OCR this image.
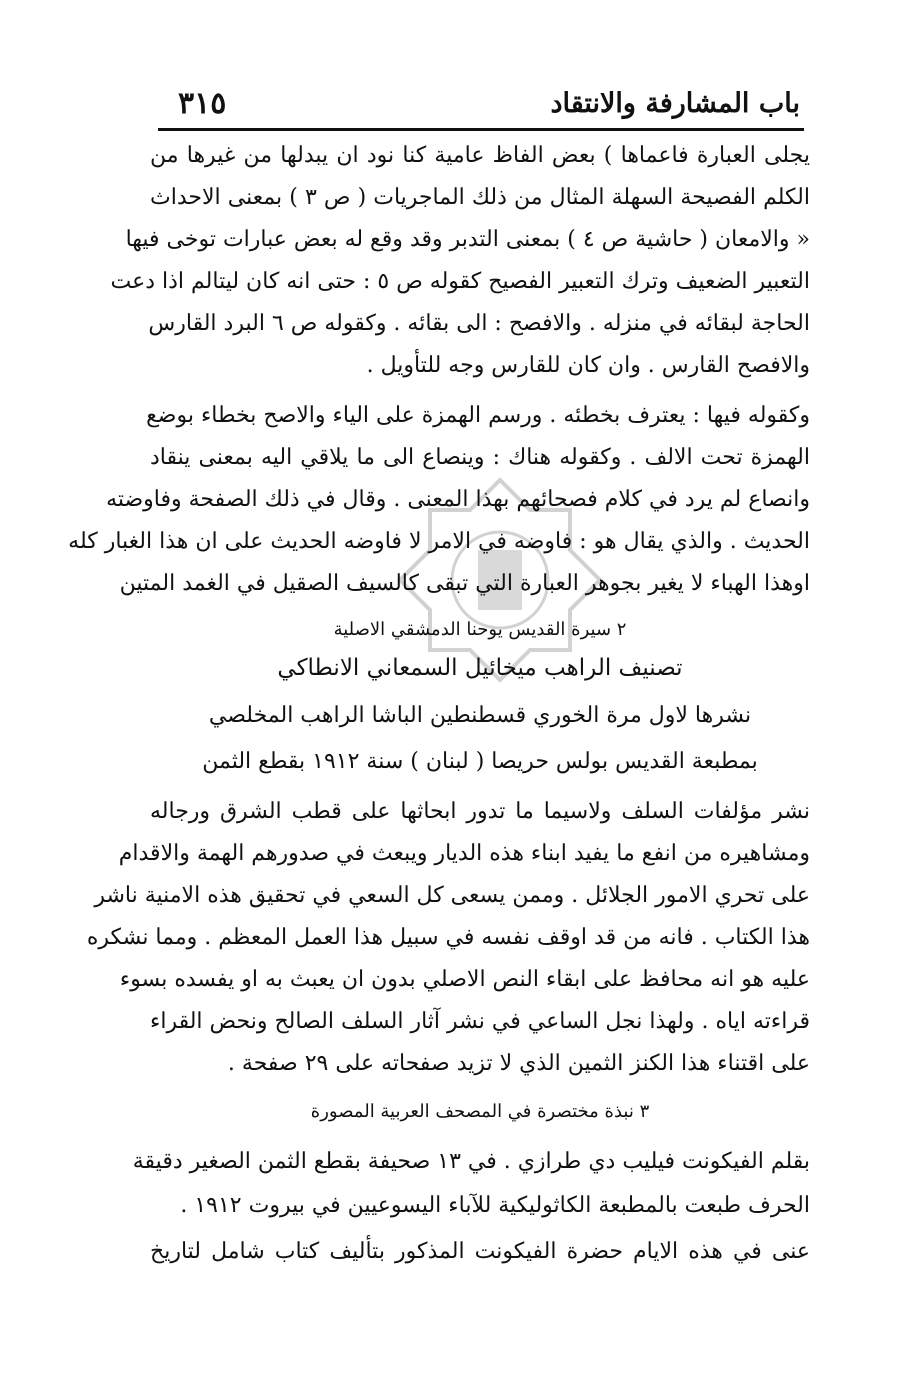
٣١٥	باب المشارفة والانتقاد
يجلى العبارة فاعماها ) بعض الفاظ عامية كنا نود ان يبدلها من غيرها من
الكلم الفصيحة السهلة المثال من ذلك الماجريات ( ص ٣ ) بمعنى الاحداث
« والامعان ( حاشية ص ٤ ) بمعنى التدبر وقد وقع له بعض عبارات توخى فيها
التعبير الضعيف وترك التعبير الفصيح كقوله ص ٥ : حتى انه كان ليتالم اذا دعت
الحاجة لبقائه في منزله . والافصح : الى بقائه . وكقوله ص ٦ البرد القارس
والافصح القارس . وان كان للقارس وجه للتأويل .
وكقوله فيها : يعترف بخطئه . ورسم الهمزة على الياء والاصح بخطاء بوضع
الهمزة تحت الالف . وكقوله هناك : وينصاع الى ما يلاقي اليه بمعنى ينقاد
وانصاع لم يرد في كلام فصحائهم بهذا المعنى . وقال في ذلك الصفحة وفاوضته
الحديث . والذي يقال هو : فاوضه في الامر لا فاوضه الحديث على ان هذا الغبار كله
اوهذا الهباء لا يغير بجوهر العبارة التي تبقى كالسيف الصقيل في الغمد المتين
٢ سيرة القديس يوحنا الدمشقي الاصلية
تصنيف الراهب ميخائيل السمعاني الانطاكي
نشرها لاول مرة الخوري قسطنطين الباشا الراهب المخلصي
بمطبعة القديس بولس حريصا ( لبنان ) سنة ١٩١٢ بقطع الثمن
نشر مؤلفات السلف ولاسيما ما تدور ابحاثها على قطب الشرق ورجاله
ومشاهيره من انفع ما يفيد ابناء هذه الديار ويبعث في صدورهم الهمة والاقدام
على تحري الامور الجلائل . وممن يسعى كل السعي في تحقيق هذه الامنية ناشر
هذا الكتاب . فانه من قد اوقف نفسه في سبيل هذا العمل المعظم . ومما نشكره
عليه هو انه محافظ على ابقاء النص الاصلي بدون ان يعبث به او يفسده بسوء
قراءته اياه . ولهذا نجل الساعي في نشر آثار السلف الصالح ونحض القراء
على اقتناء هذا الكنز الثمين الذي لا تزيد صفحاته على ٢٩ صفحة .
٣ نبذة مختصرة في المصحف العربية المصورة
بقلم الفيكونت فيليب دي طرازي . في ١٣ صحيفة بقطع الثمن الصغير دقيقة
الحرف طبعت بالمطبعة الكاثوليكية للآباء اليسوعيين في بيروت ١٩١٢ .
عنى في هذه الايام حضرة الفيكونت المذكور بتأليف كتاب شامل لتاريخ
